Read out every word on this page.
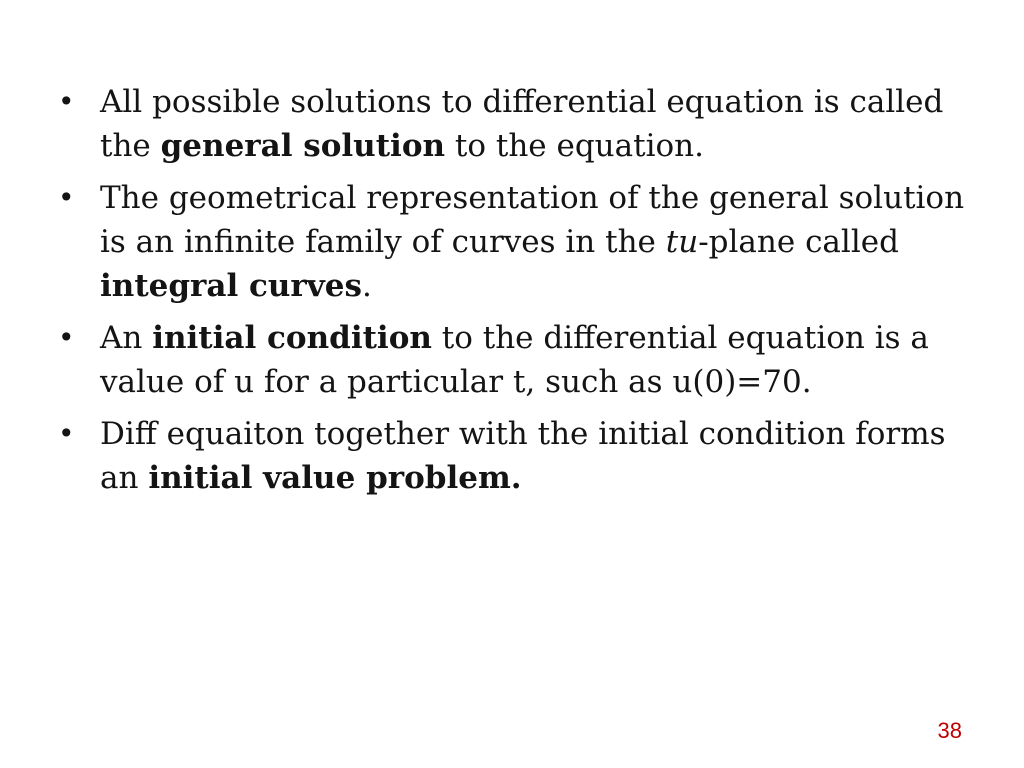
• All possible solutions to differential equation is called the general solution to the equation.
• The geometrical representation of the general solution is an infinite family of curves in the tu-plane called integral curves.
• An initial condition to the differential equation is a value of u for a particular t, such as u(0)=70.
• Diff equaiton together with the initial condition forms an initial value problem.
38
